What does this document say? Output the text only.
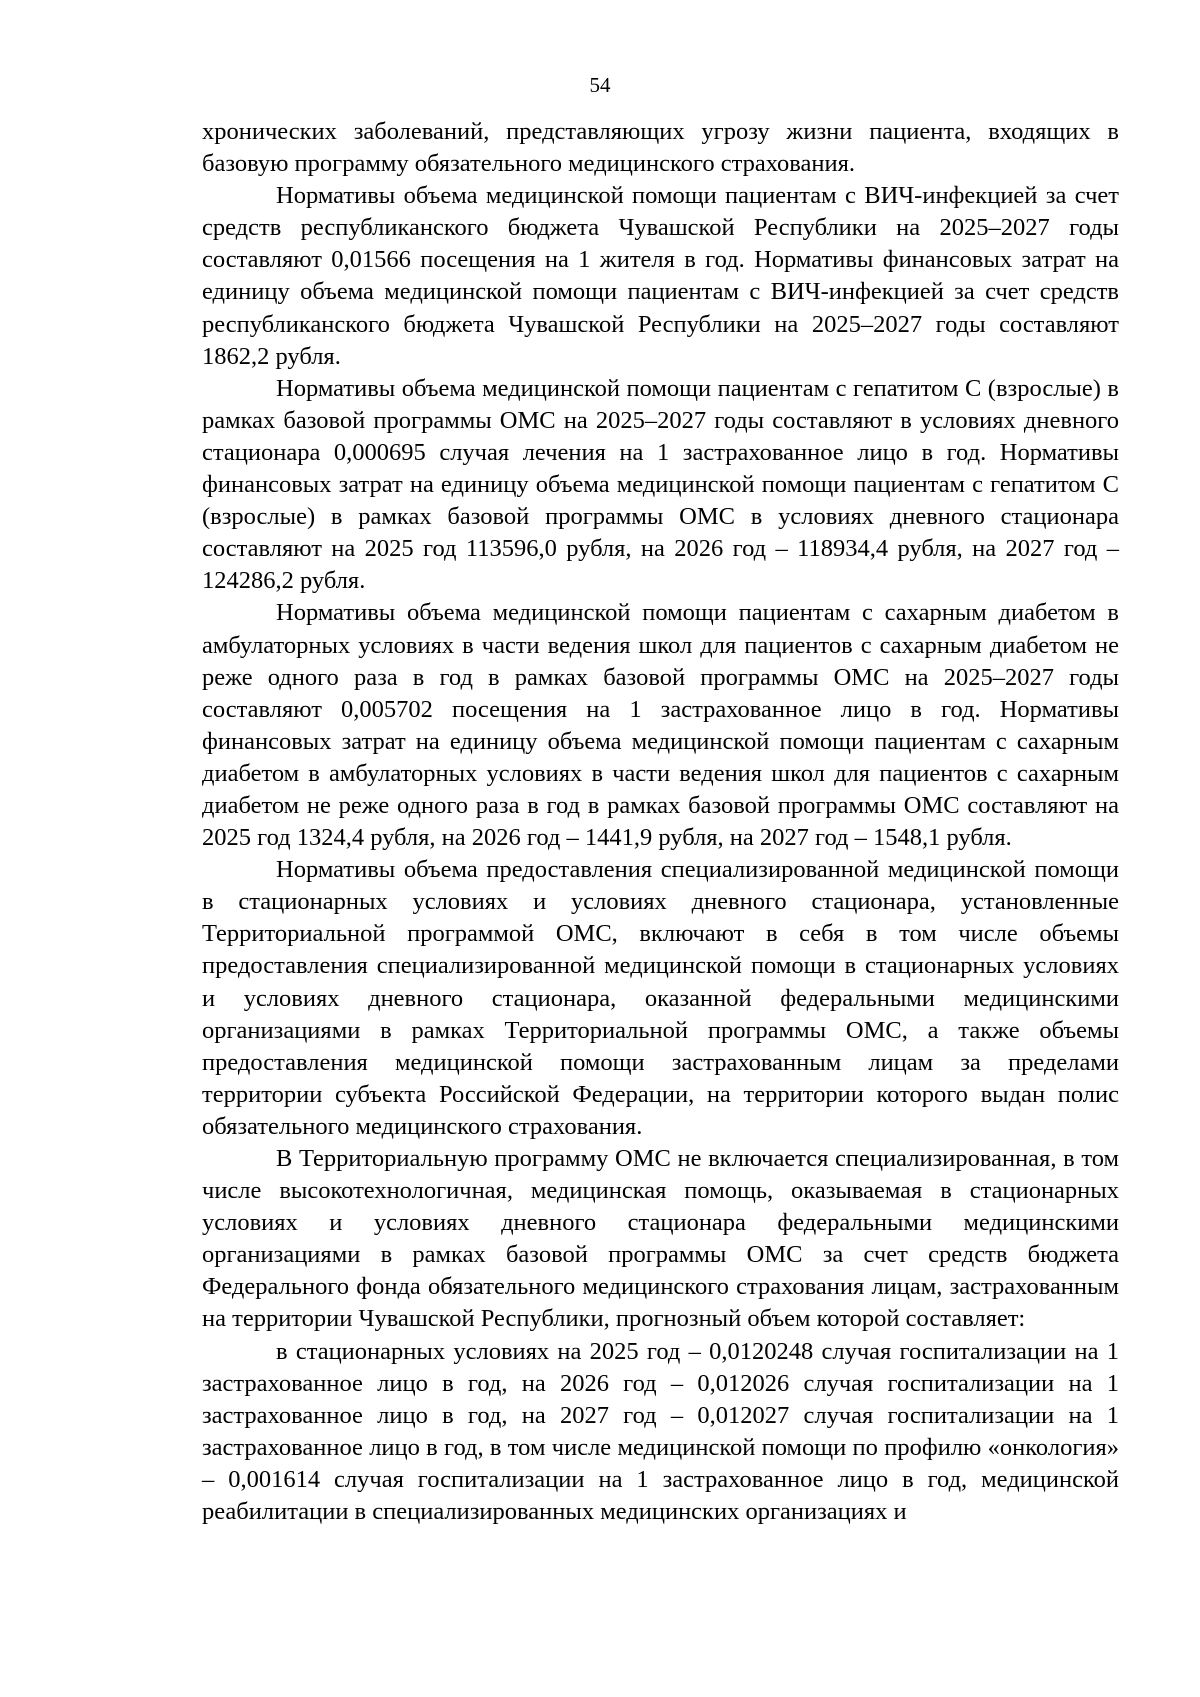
54

хронических заболеваний, представляющих угрозу жизни пациента, входящих в базовую программу обязательного медицинского страхования.

Нормативы объема медицинской помощи пациентам с ВИЧ-инфекцией за счет средств республиканского бюджета Чувашской Республики на 2025–2027 годы составляют 0,01566 посещения на 1 жителя в год. Нормативы финансовых затрат на единицу объема медицинской помощи пациентам с ВИЧ-инфекцией за счет средств республиканского бюджета Чувашской Республики на 2025–2027 годы составляют 1862,2 рубля.

Нормативы объема медицинской помощи пациентам с гепатитом С (взрослые) в рамках базовой программы ОМС на 2025–2027 годы составляют в условиях дневного стационара 0,000695 случая лечения на 1 застрахованное лицо в год. Нормативы финансовых затрат на единицу объема медицинской помощи пациентам с гепатитом С (взрослые) в рамках базовой программы ОМС в условиях дневного стационара составляют на 2025 год 113596,0 рубля, на 2026 год – 118934,4 рубля, на 2027 год – 124286,2 рубля.

Нормативы объема медицинской помощи пациентам с сахарным диабетом в амбулаторных условиях в части ведения школ для пациентов с сахарным диабетом не реже одного раза в год в рамках базовой программы ОМС на 2025–2027 годы составляют 0,005702 посещения на 1 застрахованное лицо в год. Нормативы финансовых затрат на единицу объема медицинской помощи пациентам с сахарным диабетом в амбулаторных условиях в части ведения школ для пациентов с сахарным диабетом не реже одного раза в год в рамках базовой программы ОМС составляют на 2025 год 1324,4 рубля, на 2026 год – 1441,9 рубля, на 2027 год – 1548,1 рубля.

Нормативы объема предоставления специализированной медицинской помощи в стационарных условиях и условиях дневного стационара, установленные Территориальной программой ОМС, включают в себя в том числе объемы предоставления специализированной медицинской помощи в стационарных условиях и условиях дневного стационара, оказанной федеральными медицинскими организациями в рамках Территориальной программы ОМС, а также объемы предоставления медицинской помощи застрахованным лицам за пределами территории субъекта Российской Федерации, на территории которого выдан полис обязательного медицинского страхования.

В Территориальную программу ОМС не включается специализированная, в том числе высокотехнологичная, медицинская помощь, оказываемая в стационарных условиях и условиях дневного стационара федеральными медицинскими организациями в рамках базовой программы ОМС за счет средств бюджета Федерального фонда обязательного медицинского страхования лицам, застрахованным на территории Чувашской Республики, прогнозный объем которой составляет:

в стационарных условиях на 2025 год – 0,0120248 случая госпитализации на 1 застрахованное лицо в год, на 2026 год – 0,012026 случая госпитализации на 1 застрахованное лицо в год, на 2027 год – 0,012027 случая госпитализации на 1 застрахованное лицо в год, в том числе медицинской помощи по профилю «онкология» – 0,001614 случая госпитализации на 1 застрахованное лицо в год, медицинской реабилитации в специализированных медицинских организациях и
